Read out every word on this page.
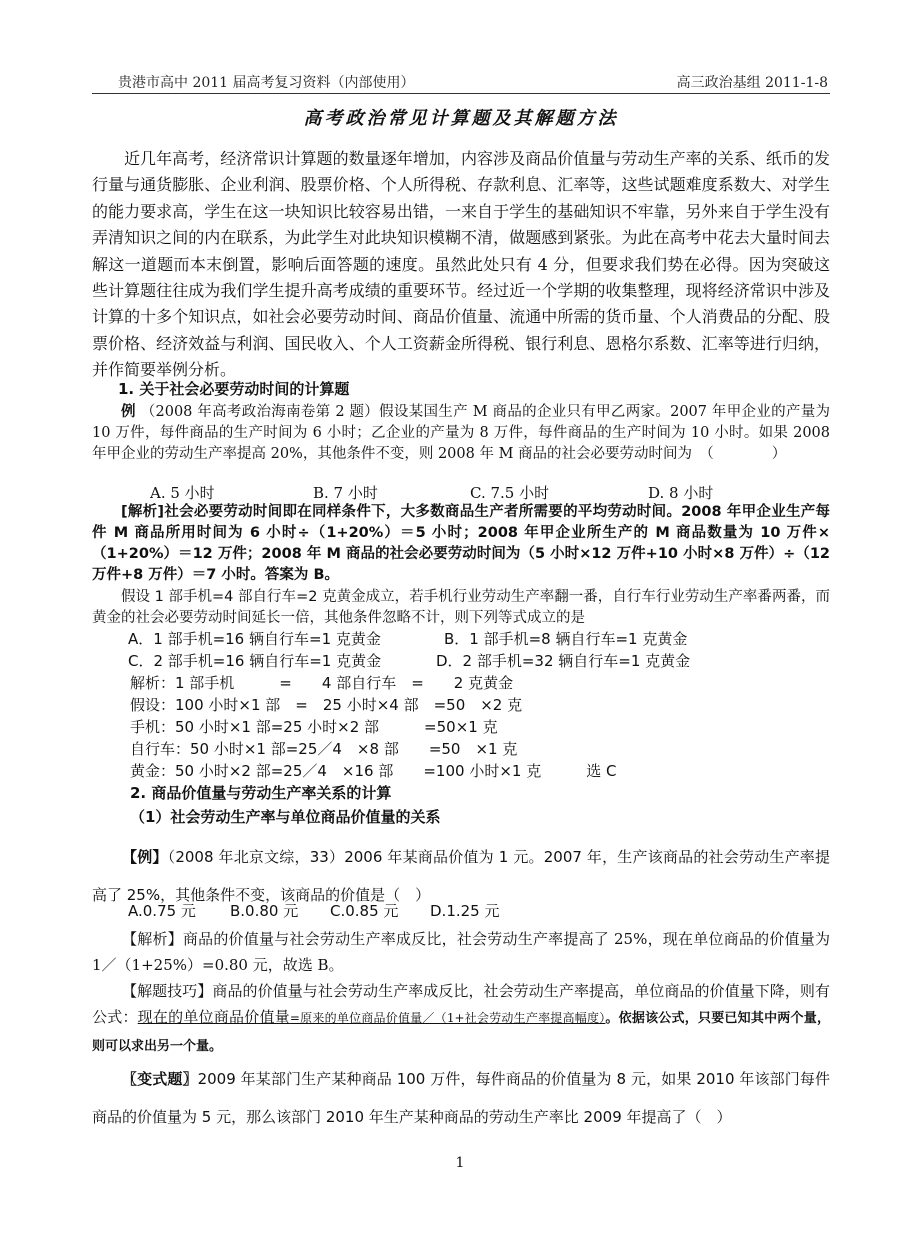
贵港市高中 2011 届高考复习资料（内部使用）	高三政治基组 2011-1-8
高考政治常见计算题及其解题方法
近几年高考，经济常识计算题的数量逐年增加，内容涉及商品价值量与劳动生产率的关系、纸币的发行量与通货膨胀、企业利润、股票价格、个人所得税、存款利息、汇率等，这些试题难度系数大、对学生的能力要求高，学生在这一块知识比较容易出错，一来自于学生的基础知识不牢靠，另外来自于学生没有弄清知识之间的内在联系，为此学生对此块知识模糊不清，做题感到紧张。为此在高考中花去大量时间去解这一道题而本末倒置，影响后面答题的速度。虽然此处只有 4 分，但要求我们势在必得。因为突破这些计算题往往成为我们学生提升高考成绩的重要环节。经过近一个学期的收集整理，现将经济常识中涉及计算的十多个知识点，如社会必要劳动时间、商品价值量、流通中所需的货币量、个人消费品的分配、股票价格、经济效益与利润、国民收入、个人工资薪金所得税、银行利息、恩格尔系数、汇率等进行归纳，并作简要举例分析。
1. 关于社会必要劳动时间的计算题
例 （2008 年高考政治海南卷第 2 题）假设某国生产 M 商品的企业只有甲乙两家。2007 年甲企业的产量为 10 万件，每件商品的生产时间为 6 小时；乙企业的产量为 8 万件，每件商品的生产时间为 10 小时。如果 2008 年甲企业的劳动生产率提高 20%，其他条件不变，则 2008 年 M 商品的社会必要劳动时间为　（　　　　）
A. 5 小时	B. 7 小时	C. 7.5 小时	D. 8 小时
[解析]社会必要劳动时间即在同样条件下，大多数商品生产者所需要的平均劳动时间。2008 年甲企业生产每件 M 商品所用时间为 6 小时÷（1+20%）＝5 小时；2008 年甲企业所生产的 M 商品数量为 10 万件×（1+20%）＝12 万件；2008 年 M 商品的社会必要劳动时间为（5 小时×12 万件+10 小时×8 万件）÷（12 万件+8 万件）＝7 小时。答案为 B。
假设 1 部手机=4 部自行车=2 克黄金成立，若手机行业劳动生产率翻一番，自行车行业劳动生产率番两番，而黄金的社会必要劳动时间延长一倍，其他条件忽略不计，则下列等式成立的是
A．1 部手机=16 辆自行车=1 克黄金	B．1 部手机=8 辆自行车=1 克黄金
C．2 部手机=16 辆自行车=1 克黄金	D．2 部手机=32 辆自行车=1 克黄金
解析：1 部手机　　　=　　4 部自行车　=　　2 克黄金
假设：100 小时×1 部　=　25 小时×4 部　=50　×2 克
手机：50 小时×1 部=25 小时×2 部　　　=50×1 克
自行车：50 小时×1 部=25／4　×8 部　　=50　×1 克
黄金：50 小时×2 部=25／4　×16 部　　=100 小时×1 克　　　选 C
2. 商品价值量与劳动生产率关系的计算
（1）社会劳动生产率与单位商品价值量的关系
【例】（2008 年北京文综，33）2006 年某商品价值为 1 元。2007 年，生产该商品的社会劳动生产率提高了 25%，其他条件不变，该商品的价值是（　）
A.0.75 元 B.0.80 元 C.0.85 元 D.1.25 元
【解析】商品的价值量与社会劳动生产率成反比，社会劳动生产率提高了 25%，现在单位商品的价值量为 1／（1+25%）=0.80 元，故选 B。
【解题技巧】商品的价值量与社会劳动生产率成反比，社会劳动生产率提高，单位商品的价值量下降，则有公式：现在的单位商品价值量=原来的单位商品价值量／（1+社会劳动生产率提高幅度）。依据该公式，只要已知其中两个量，则可以求出另一个量。
〖变式题〗2009 年某部门生产某种商品 100 万件，每件商品的价值量为 8 元，如果 2010 年该部门每件商品的价值量为 5 元，那么该部门 2010 年生产某种商品的劳动生产率比 2009 年提高了（　）
1
